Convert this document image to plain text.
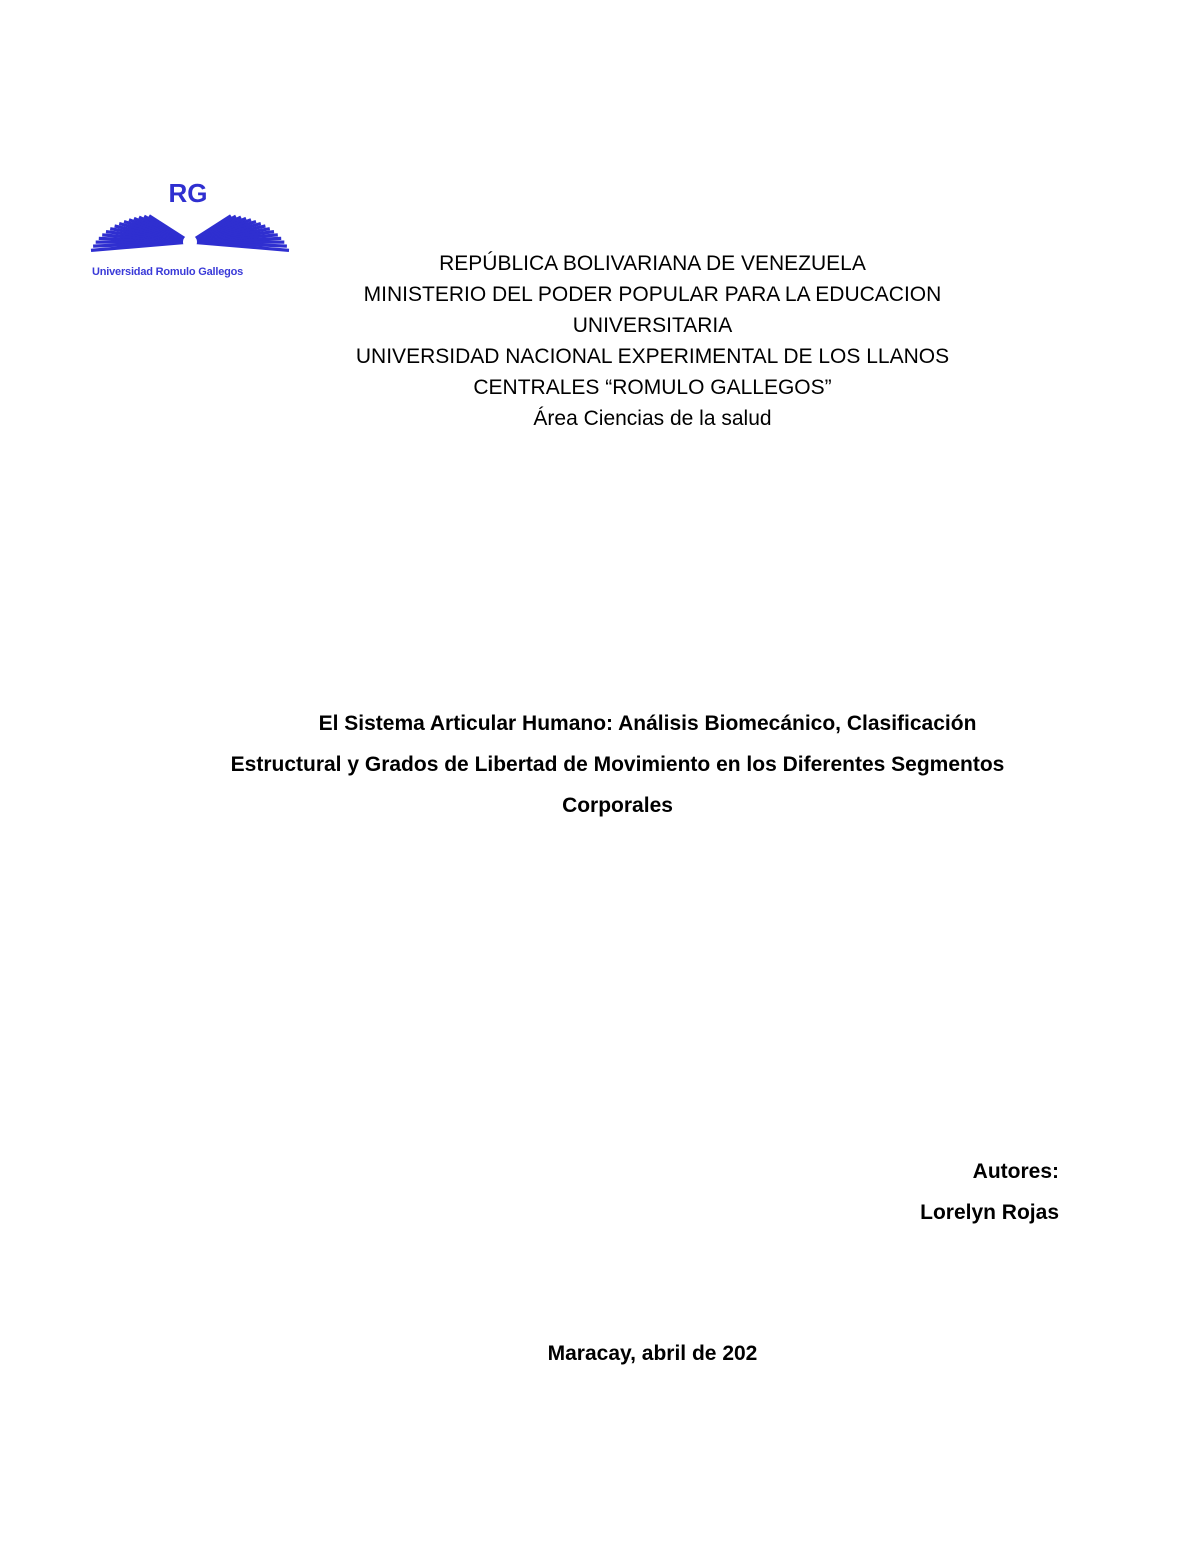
RG
Universidad Romulo Gallegos	REPÚBLICA BOLIVARIANA DE VENEZUELA
MINISTERIO DEL PODER POPULAR PARA LA EDUCACION
UNIVERSITARIA
UNIVERSIDAD NACIONAL EXPERIMENTAL DE LOS LLANOS
CENTRALES “ROMULO GALLEGOS”
Área Ciencias de la salud
El Sistema Articular Humano: Análisis Biomecánico, Clasificación
Estructural y Grados de Libertad de Movimiento en los Diferentes Segmentos
Corporales
Autores:
Lorelyn Rojas
Maracay, abril de 202
